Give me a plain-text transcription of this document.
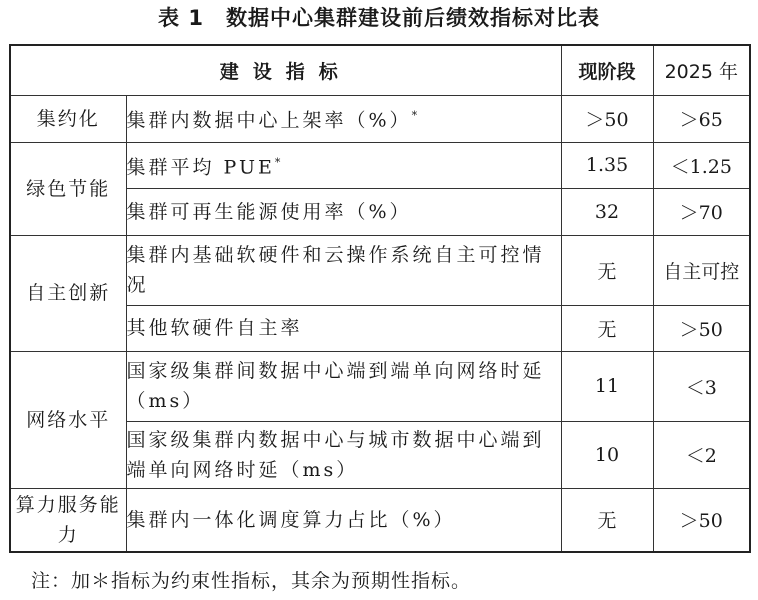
表 1　数据中心集群建设前后绩效指标对比表
建设指标		现阶段	2025 年
集约化	集群内数据中心上架率（%）*	＞50	＞65
绿色节能	集群平均 PUE*	1.35	＜1.25
	集群可再生能源使用率（%）	32	＞70
自主创新	集群内基础软硬件和云操作系统自主可控情况	无	自主可控
	其他软硬件自主率	无	＞50
网络水平	国家级集群间数据中心端到端单向网络时延（ms）	11	＜3
	国家级集群内数据中心与城市数据中心端到端单向网络时延（ms）	10	＜2
算力服务能力	集群内一体化调度算力占比（%）	无	＞50
注：加＊指标为约束性指标，其余为预期性指标。
